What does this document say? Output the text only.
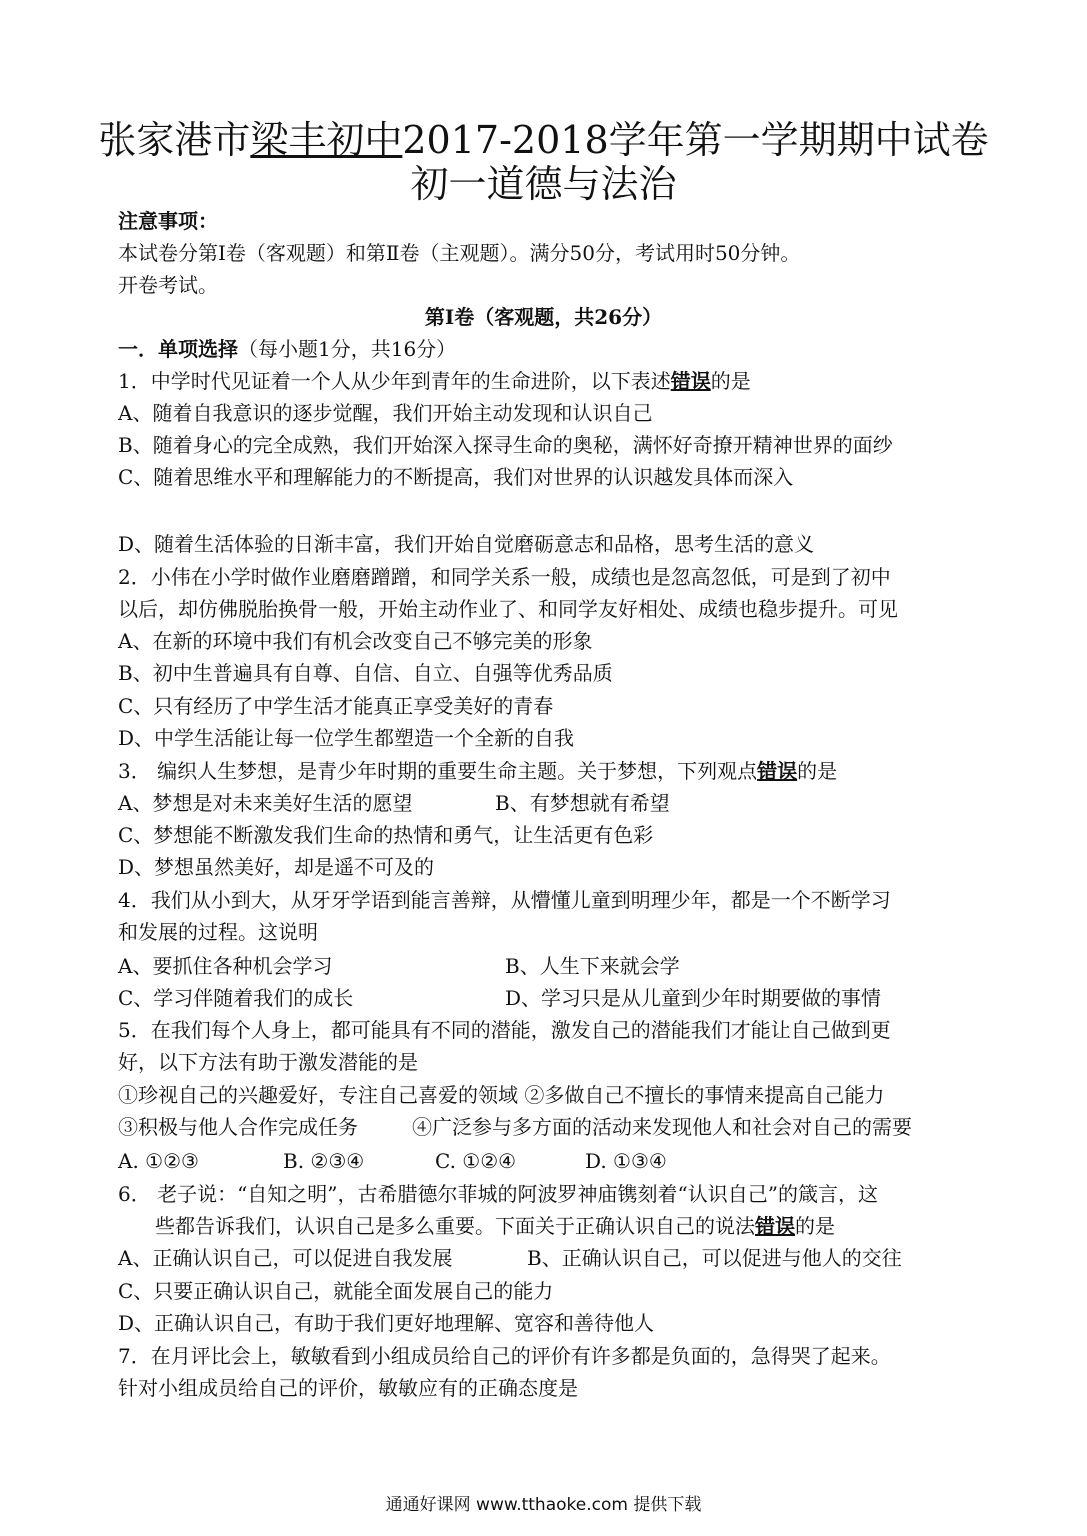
张家港市梁丰初中2017-2018学年第一学期期中试卷
初一道德与法治
注意事项：
本试卷分第Ⅰ卷（客观题）和第Ⅱ卷（主观题）。满分50分，考试用时50分钟。
开卷考试。
第Ⅰ卷（客观题，共26分）
一．单项选择（每小题1分，共16分）
1．中学时代见证着一个人从少年到青年的生命进阶，以下表述错误的是
A、随着自我意识的逐步觉醒，我们开始主动发现和认识自己
B、随着身心的完全成熟，我们开始深入探寻生命的奥秘，满怀好奇撩开精神世界的面纱
C、随着思维水平和理解能力的不断提高，我们对世界的认识越发具体而深入
D、随着生活体验的日渐丰富，我们开始自觉磨砺意志和品格，思考生活的意义
2．小伟在小学时做作业磨磨蹭蹭，和同学关系一般，成绩也是忽高忽低，可是到了初中
以后，却仿佛脱胎换骨一般，开始主动作业了、和同学友好相处、成绩也稳步提升。可见
A、在新的环境中我们有机会改变自己不够完美的形象
B、初中生普遍具有自尊、自信、自立、自强等优秀品质
C、只有经历了中学生活才能真正享受美好的青春
D、中学生活能让每一位学生都塑造一个全新的自我
3． 编织人生梦想，是青少年时期的重要生命主题。关于梦想，下列观点错误的是
A、梦想是对未来美好生活的愿望	B、有梦想就有希望
C、梦想能不断激发我们生命的热情和勇气，让生活更有色彩
D、梦想虽然美好，却是遥不可及的
4．我们从小到大，从牙牙学语到能言善辩，从懵懂儿童到明理少年，都是一个不断学习
和发展的过程。这说明
A、要抓住各种机会学习	B、人生下来就会学
C、学习伴随着我们的成长	D、学习只是从儿童到少年时期要做的事情
5．在我们每个人身上，都可能具有不同的潜能，激发自己的潜能我们才能让自己做到更
好，以下方法有助于激发潜能的是
①珍视自己的兴趣爱好，专注自己喜爱的领域 ②多做自己不擅长的事情来提高自己能力
③积极与他人合作完成任务	④广泛参与多方面的活动来发现他人和社会对自己的需要
A. ①②③	B. ②③④	C. ①②④	D. ①③④
6． 老子说：“自知之明”，古希腊德尔菲城的阿波罗神庙镌刻着“认识自己”的箴言，这
些都告诉我们，认识自己是多么重要。下面关于正确认识自己的说法错误的是
A、正确认识自己，可以促进自我发展	B、正确认识自己，可以促进与他人的交往
C、只要正确认识自己，就能全面发展自己的能力
D、正确认识自己，有助于我们更好地理解、宽容和善待他人
7．在月评比会上，敏敏看到小组成员给自己的评价有许多都是负面的，急得哭了起来。
针对小组成员给自己的评价，敏敏应有的正确态度是
通通好课网 www.tthaoke.com 提供下载
